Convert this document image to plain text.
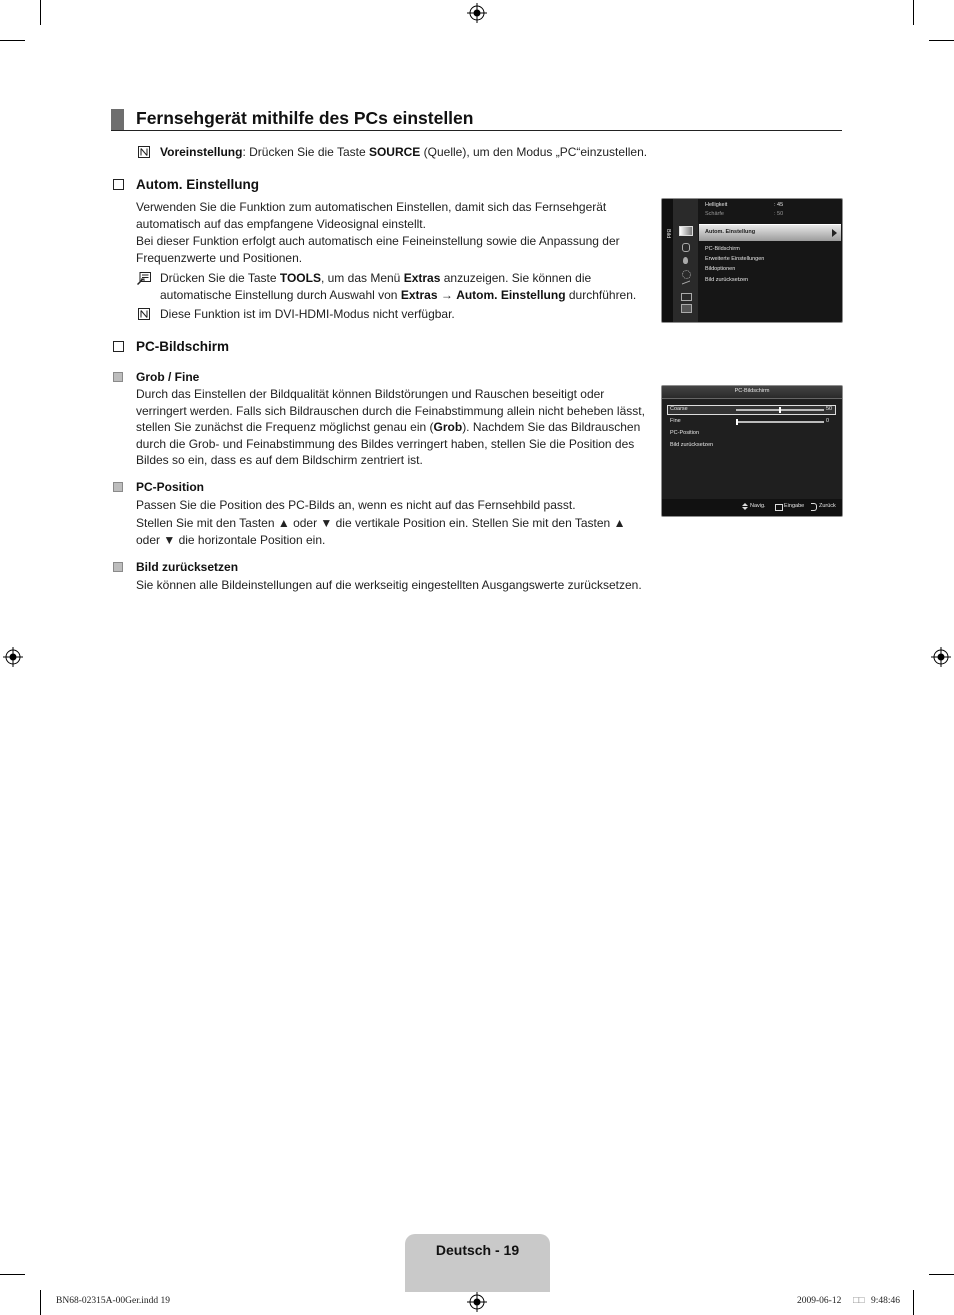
Fernsehgerät mithilfe des PCs einstellen
Voreinstellung: Drücken Sie die Taste SOURCE (Quelle), um den Modus „PC“einzustellen.
Autom. Einstellung
Verwenden Sie die Funktion zum automatischen Einstellen, damit sich das Fernsehgerät automatisch auf das empfangene Videosignal einstellt.
Bei dieser Funktion erfolgt auch automatisch eine Feineinstellung sowie die Anpassung der Frequenzwerte und Positionen.
Drücken Sie die Taste TOOLS, um das Menü Extras anzuzeigen. Sie können die automatische Einstellung durch Auswahl von Extras → Autom. Einstellung durchführen.
Diese Funktion ist im DVI-HDMI-Modus nicht verfügbar.
Bild
Helligkeit	: 45
Schärfe	: 50
Autom. Einstellung
PC-Bildschirm
Erweiterte Einstellungen
Bildoptionen
Bild zurücksetzen
PC-Bildschirm
Grob / Fine
Durch das Einstellen der Bildqualität können Bildstörungen und Rauschen beseitigt oder verringert werden. Falls sich Bildrauschen durch die Feinabstimmung allein nicht beheben lässt, stellen Sie zunächst die Frequenz möglichst genau ein (Grob). Nachdem Sie das Bildrauschen durch die Grob- und Feinabstimmung des Bildes verringert haben, stellen Sie die Position des Bildes so ein, dass es auf dem Bildschirm zentriert ist.
PC-Position
Passen Sie die Position des PC-Bilds an, wenn es nicht auf das Fernsehbild passt.
Stellen Sie mit den Tasten ▲ oder ▼ die vertikale Position ein. Stellen Sie mit den Tasten ▲ oder ▼ die horizontale Position ein.
Bild zurücksetzen
Sie können alle Bildeinstellungen auf die werkseitig eingestellten Ausgangswerte zurücksetzen.
PC-Bildschirm
Coarse	50
Fine	0
PC-Position
Bild zurücksetzen
Navig.	Eingabe	Zurück
Deutsch - 19
BN68-02315A-00Ger.indd 19	2009-06-12 □□ 9:48:46
